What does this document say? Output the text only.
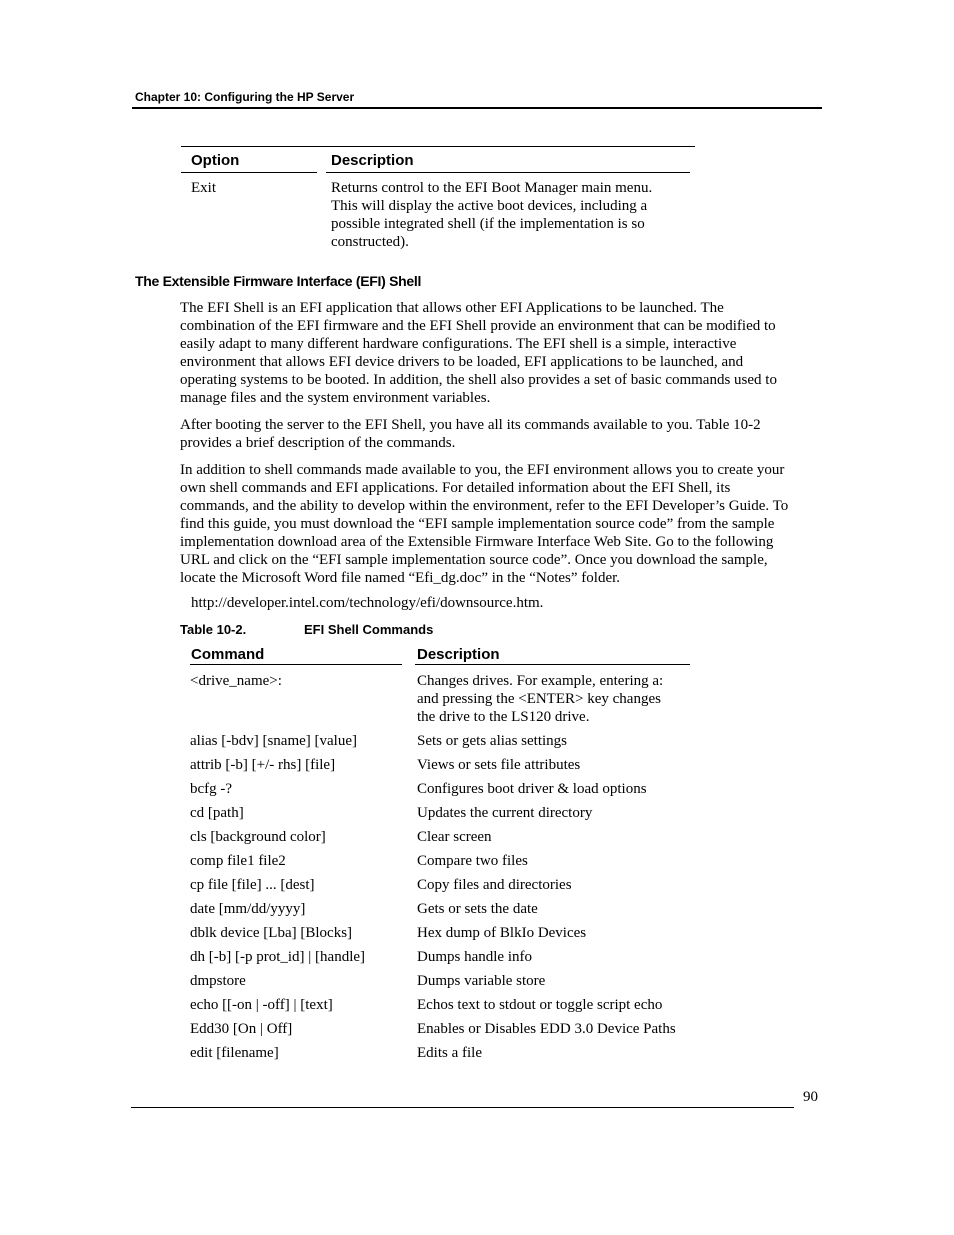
Chapter 10: Configuring the HP Server
Option	Description
Exit	Returns control to the EFI Boot Manager main menu.
This will display the active boot devices, including a
possible integrated shell (if the implementation is so
constructed).
The Extensible Firmware Interface (EFI) Shell

The EFI Shell is an EFI application that allows other EFI Applications to be launched. The

combination of the EFI firmware and the EFI Shell provide an environment that can be modified to

easily adapt to many different hardware configurations. The EFI shell is a simple, interactive

environment that allows EFI device drivers to be loaded, EFI applications to be launched, and

operating systems to be booted. In addition, the shell also provides a set of basic commands used to

manage files and the system environment variables.

After booting the server to the EFI Shell, you have all its commands available to you. Table 10-2

provides a brief description of the commands.

In addition to shell commands made available to you, the EFI environment allows you to create your

own shell commands and EFI applications. For detailed information about the EFI Shell, its

commands, and the ability to develop within the environment, refer to the EFI Developer’s Guide. To

find this guide, you must download the “EFI sample implementation source code” from the sample

implementation download area of the Extensible Firmware Interface Web Site. Go to the following

URL and click on the “EFI sample implementation source code”. Once you download the sample,

locate the Microsoft Word file named “Efi_dg.doc” in the “Notes” folder.

http://developer.intel.com/technology/efi/downsource.htm.
Table 10-2.	EFI Shell Commands
Command	Description
<drive_name>:	Changes drives. For example, entering a:
and pressing the <ENTER> key changes
the drive to the LS120 drive.
alias [-bdv] [sname] [value]	Sets or gets alias settings
attrib [-b] [+/- rhs] [file]	Views or sets file attributes
bcfg -?	Configures boot driver & load options
cd [path]	Updates the current directory
cls [background color]	Clear screen
comp file1 file2	Compare two files
cp file [file] ... [dest]	Copy files and directories
date [mm/dd/yyyy]	Gets or sets the date
dblk device [Lba] [Blocks]	Hex dump of BlkIo Devices
dh [-b] [-p prot_id] | [handle]	Dumps handle info
dmpstore	Dumps variable store
echo [[-on | -off] | [text]	Echos text to stdout or toggle script echo
Edd30 [On | Off]	Enables or Disables EDD 3.0 Device Paths
edit [filename]	Edits a file
90
